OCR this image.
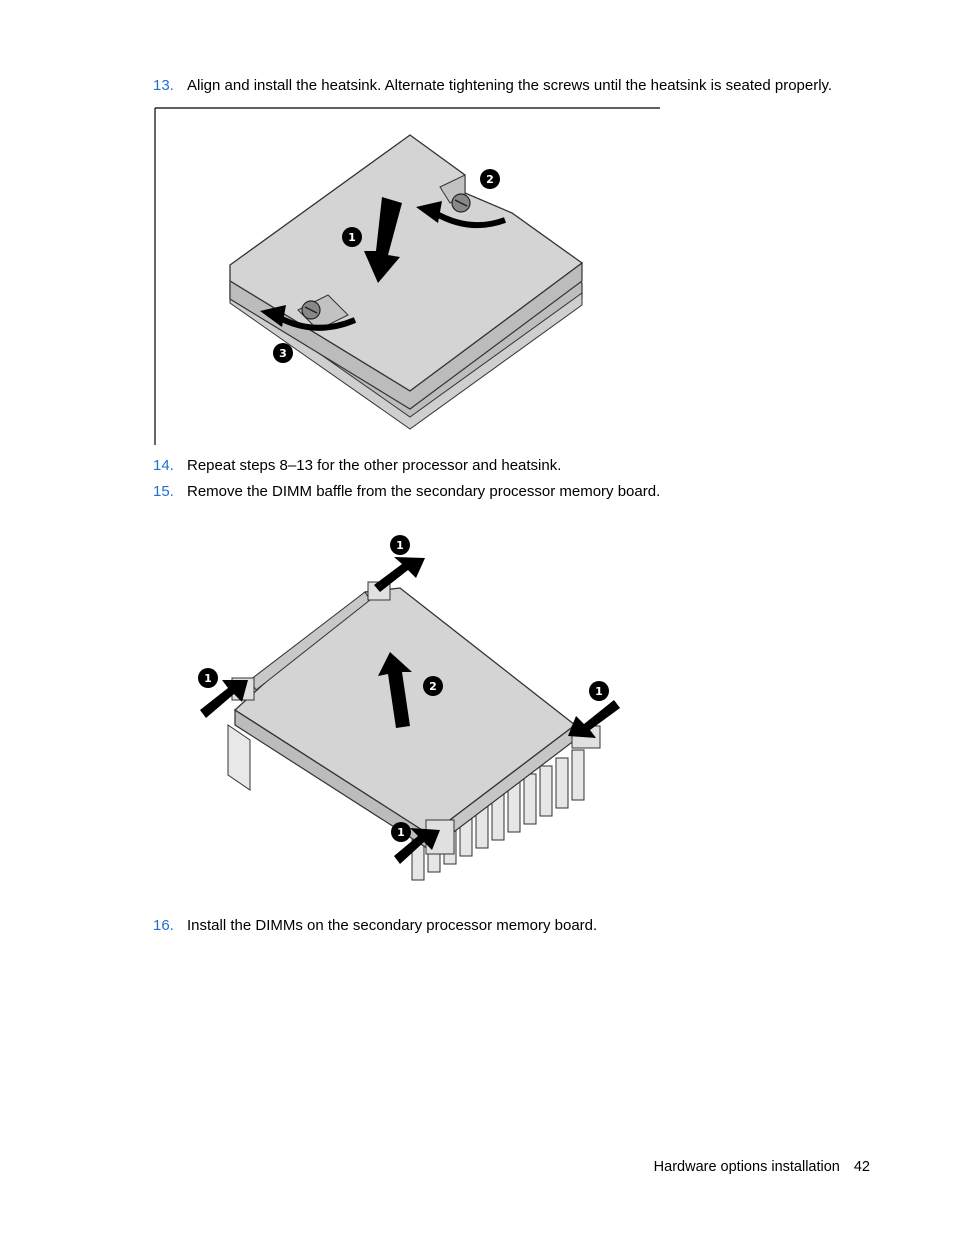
13. Align and install the heatsink. Alternate tightening the screws until the heatsink is seated properly.
1
2
3
14. Repeat steps 8–13 for the other processor and heatsink.
15. Remove the DIMM baffle from the secondary processor memory board.
1
2
1
1
1
16. Install the DIMMs on the secondary processor memory board.
Hardware options installation 42
